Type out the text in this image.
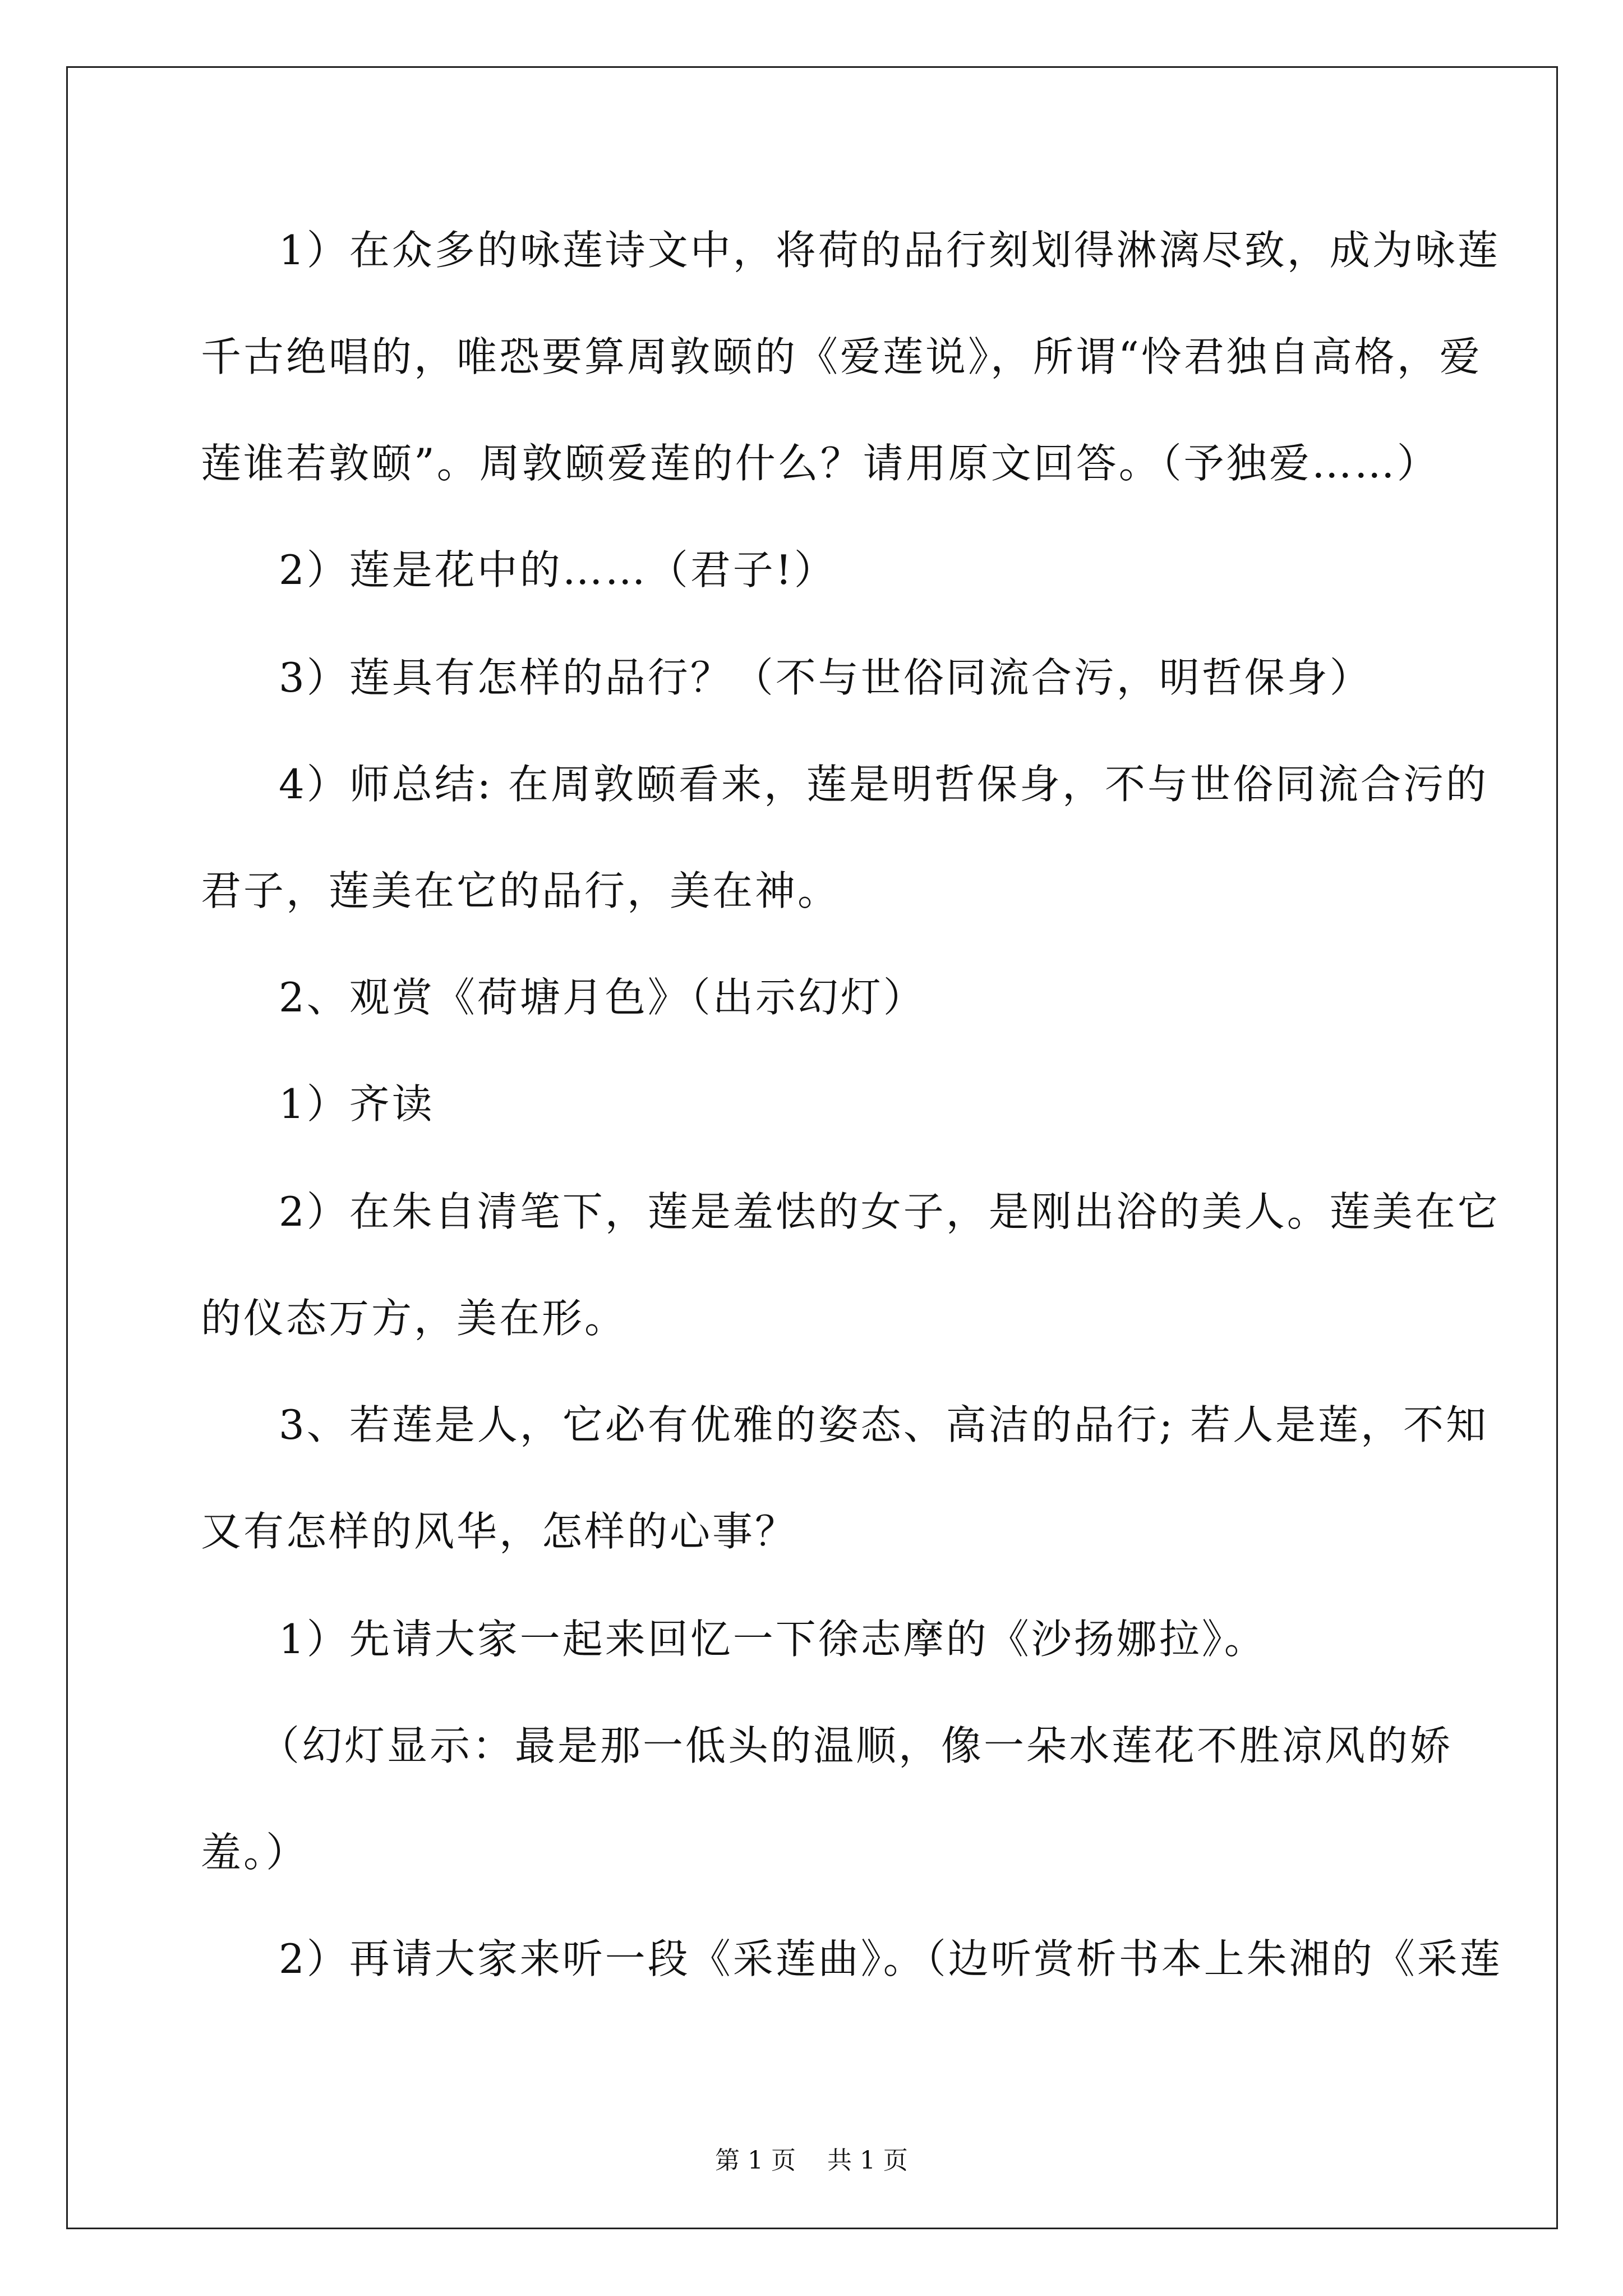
1）在众多的咏莲诗文中，将荷的品行刻划得淋漓尽致，成为咏莲
千古绝唱的，唯恐要算周敦颐的《爱莲说》，所谓“怜君独自高格，爱
莲谁若敦颐”。周敦颐爱莲的什么？请用原文回答。（予独爱……）
2）莲是花中的……（君子!）
3）莲具有怎样的品行？（不与世俗同流合污，明哲保身）
4）师总结: 在周敦颐看来，莲是明哲保身，不与世俗同流合污的
君子，莲美在它的品行，美在神。
2、观赏《荷塘月色》（出示幻灯）
1）齐读
2）在朱自清笔下，莲是羞怯的女子，是刚出浴的美人。莲美在它
的仪态万方，美在形。
3、若莲是人，它必有优雅的姿态、高洁的品行; 若人是莲，不知
又有怎样的风华，怎样的心事？
1）先请大家一起来回忆一下徐志摩的《沙扬娜拉》。
（幻灯显示：最是那一低头的温顺，像一朵水莲花不胜凉风的娇
羞。）
2）再请大家来听一段《采莲曲》。（边听赏析书本上朱湘的《采莲
第 1 页    共 1 页
